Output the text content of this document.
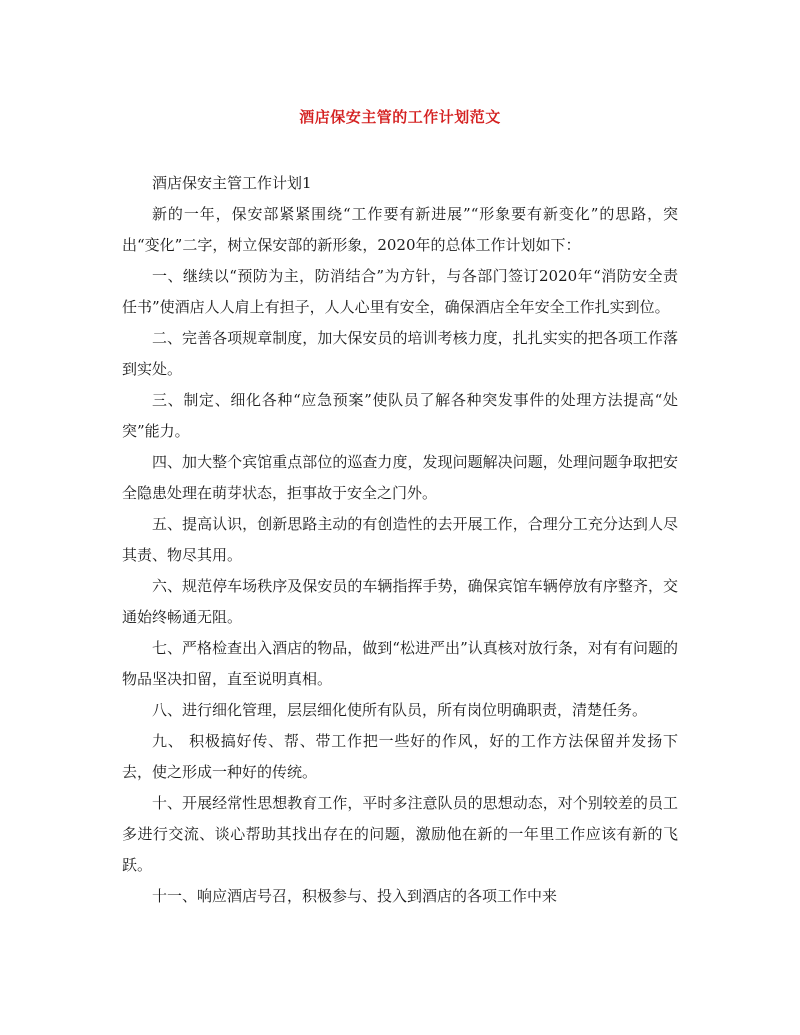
酒店保安主管的工作计划范文

酒店保安主管工作计划1

新的一年，保安部紧紧围绕“工作要有新进展”“形象要有新变化”的思路，突出“变化”二字，树立保安部的新形象，2020年的总体工作计划如下：

一、继续以“预防为主，防消结合”为方针，与各部门签订2020年“消防安全责任书”使酒店人人肩上有担子，人人心里有安全，确保酒店全年安全工作扎实到位。

二、完善各项规章制度，加大保安员的培训考核力度，扎扎实实的把各项工作落到实处。

三、制定、细化各种“应急预案”使队员了解各种突发事件的处理方法提高“处突”能力。

四、加大整个宾馆重点部位的巡查力度，发现问题解决问题，处理问题争取把安全隐患处理在萌芽状态，拒事故于安全之门外。

五、提高认识，创新思路主动的有创造性的去开展工作，合理分工充分达到人尽其责、物尽其用。

六、规范停车场秩序及保安员的车辆指挥手势，确保宾馆车辆停放有序整齐，交通始终畅通无阻。

七、严格检查出入酒店的物品，做到“松进严出”认真核对放行条，对有有问题的物品坚决扣留，直至说明真相。

八、进行细化管理，层层细化使所有队员，所有岗位明确职责，清楚任务。

九、 积极搞好传、帮、带工作把一些好的作风，好的工作方法保留并发扬下去，使之形成一种好的传统。

十、开展经常性思想教育工作，平时多注意队员的思想动态，对个别较差的员工多进行交流、谈心帮助其找出存在的问题，激励他在新的一年里工作应该有新的飞跃。

十一、响应酒店号召，积极参与、投入到酒店的各项工作中来
